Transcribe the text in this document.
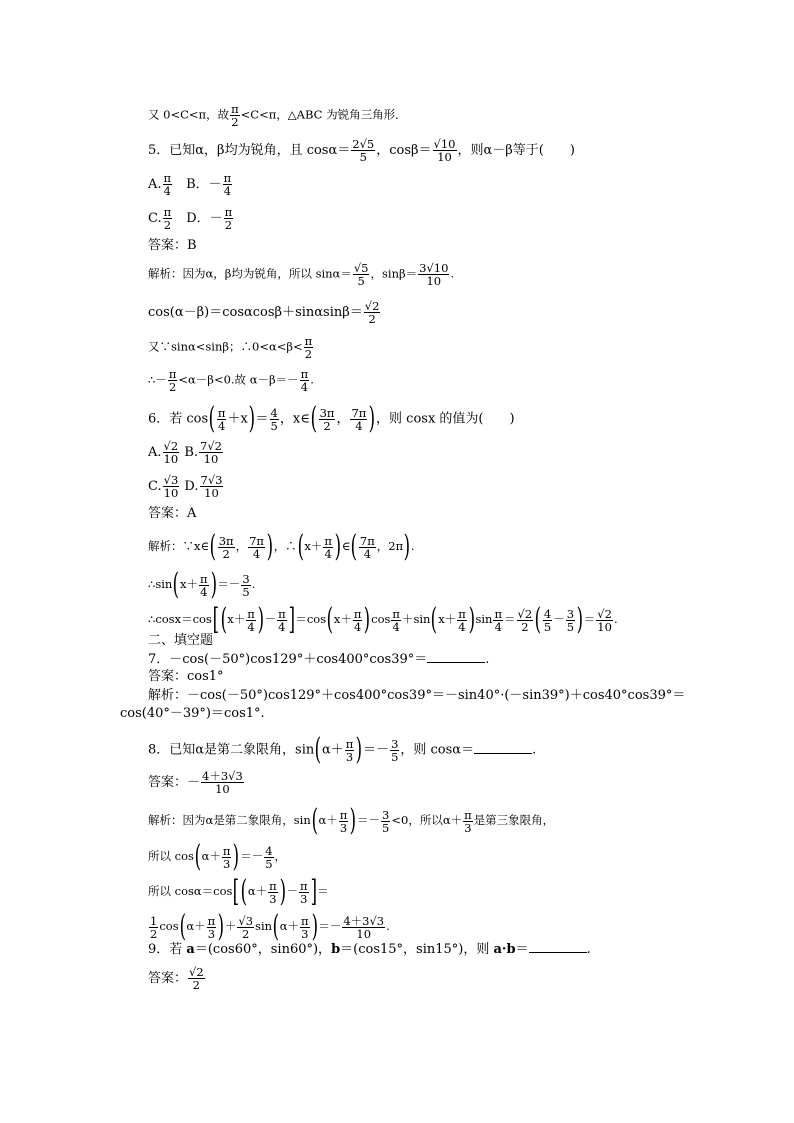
又 0<C<π，故 $\frac{\pi}{2} <C<\pi$，△ABC 为锐角三角形．
5．已知α，β均为锐角，且 $\cos\alpha= \frac{2√5}{5}$ ，$\cos\beta= \frac{√10}{10}$ ，则α－β等于(　　)
A. $\frac{\pi}{4}$ 　B．－ $\frac{\pi}{4}$
C. $\frac{\pi}{2}$ 　D．－ $\frac{\pi}{2}$
答案：B
解析：因为α，β均为锐角，所以 $\sin\alpha= \frac{√5}{5}$ ，$\sin\beta= \frac{3√10}{10}$ .
$\cos(\alpha-\beta)=\cos\alpha\cos\beta+\sin\alpha\sin\beta= \frac{√2}{2}$
又∵sinα<sinβ；∴0<α<β< $\frac{\pi}{2}$
∴－ $\frac{\pi}{2} <\alpha-\beta<0$.故 $\alpha-\beta=- \frac{\pi}{4}$ .
6．若 $\cos( \frac{\pi}{4} +x)= \frac{4}{5}$ ，x∈( $\frac{3\pi}{2}$ ， $\frac{7\pi}{4}$ )，则 cosx 的值为(　　)
A. $\frac{√2}{10} B$. $\frac{7√2}{10}$
C. $\frac{√3}{10} D$. $\frac{7√3}{10}$
答案：A
解析：∵x∈( $\frac{3\pi}{2}$ ， $\frac{7\pi}{4}$ )，∴(x＋ $\frac{\pi}{4}$ )∈( $\frac{7\pi}{4}$ ，2π).
∴sin(x＋ $\frac{\pi}{4}$ )＝－ $\frac{3}{5}$ .
∴cosx＝cos[(x＋ $\frac{\pi}{4}$ )－ $\frac{\pi}{4} ]=\cos(x+ \frac{\pi}{4} )\cos \frac{\pi}{4} +\sin(x+ \frac{\pi}{4} )\sin \frac{\pi}{4} = \frac{√2}{2}$ ( $\frac{4}{5} - \frac{3}{5}$ )＝ $\frac{√2}{10}$ .
二、填空题
7．－cos(－50°)cos129°＋cos400°cos39°＝	.
答案：cos1°
解析：－cos(－50°)cos129°＋cos400°cos39°＝－sin40°·(－sin39°)＋cos40°cos39°＝
cos(40°－39°)＝cos1°.
8．已知α是第二象限角，$\sin(\alpha+ \frac{\pi}{3}$ )＝－ $\frac{3}{5}$ ，则 cosα＝	.
答案：－ $\frac{4+3√3}{10}$
解析：因为α是第二象限角，$\sin(\alpha+ \frac{\pi}{3}$ )＝－ $\frac{3}{5} <0$，所以$\alpha+ \frac{\pi}{3}$ 是第三象限角，
所以 $\cos(\alpha+ \frac{\pi}{3}$ )＝－ $\frac{4}{5}$ ，
所以 $\cos\alpha=\cos[(\alpha+ \frac{\pi}{3}$ )－ $\frac{\pi}{3}$ ]＝
$\frac{1}{2} \cos(\alpha+ \frac{\pi}{3}$ )＋ $\frac{√3}{2} \sin(\alpha+ \frac{\pi}{3}$ )＝－ $\frac{4+3√3}{10}$ .
9．若 a＝(cos60°，sin60°)，b＝(cos15°，sin15°)，则 a·b＝	.
答案： $\frac{√2}{2}$
